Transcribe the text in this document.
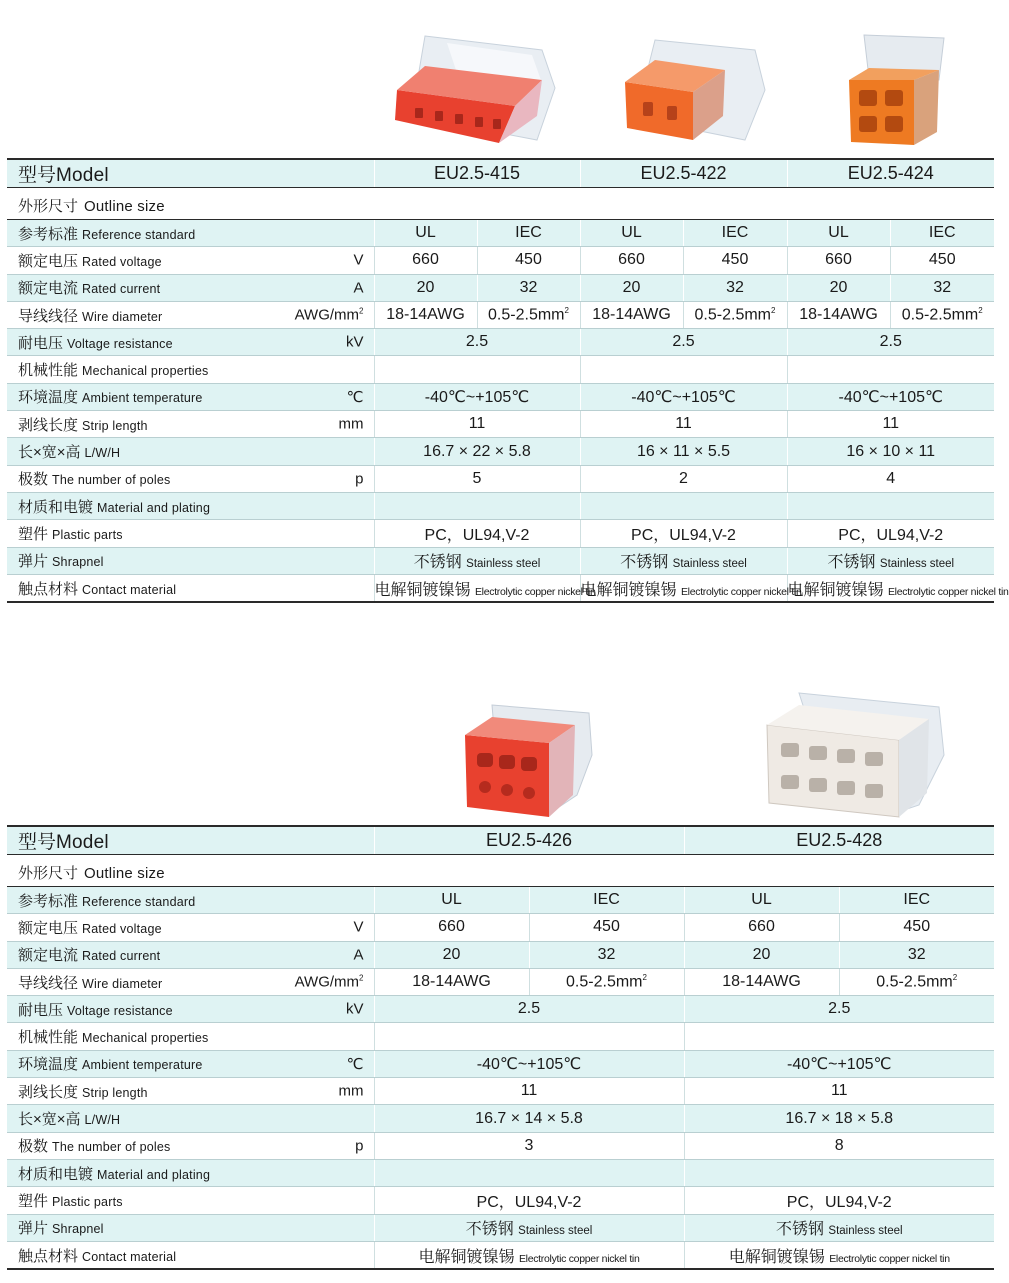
型号Model	EU2.5-415		EU2.5-422		EU2.5-424	
外形尺寸 Outline size						
参考标准 Reference standard	UL	IEC	UL	IEC	UL	IEC
额定电压 Rated voltage V	660	450	660	450	660	450
额定电流 Rated current A	20	32	20	32	20	32
导线线径 Wire diameter AWG/$mm^2$	18-14AWG	$0.5-2.5mm^2$	18-14AWG	$0.5-2.5mm^2$	18-14AWG	$0.5-2.5mm^2$
耐电压 Voltage resistance kV	2.5		2.5		2.5	
机械性能 Mechanical properties						
环境温度 Ambient temperature ℃	-40℃~+105℃		-40℃~+105℃		-40℃~+105℃	
剥线长度 Strip length mm	11		11		11	
长×宽×高 L/W/H	16.7 × 22 × 5.8		16 × 11 × 5.5		16 × 10 × 11	
极数 The number of poles p	5		2		4	
材质和电镀 Material and plating						
塑件 Plastic parts	PC，UL94,V-2		PC，UL94,V-2		PC，UL94,V-2	
弹片 Shrapnel	不锈钢 Stainless steel		不锈钢 Stainless steel		不锈钢 Stainless steel	
触点材料 Contact material	电解铜镀镍锡 Electrolytic copper nickel tin		电解铜镀镍锡 Electrolytic copper nickel tin		电解铜镀镍锡 Electrolytic copper nickel tin	
型号Model	EU2.5-426		EU2.5-428	
外形尺寸 Outline size				
参考标准 Reference standard	UL	IEC	UL	IEC
额定电压 Rated voltage V	660	450	660	450
额定电流 Rated current A	20	32	20	32
导线线径 Wire diameter AWG/$mm^2$	18-14AWG	$0.5-2.5mm^2$	18-14AWG	$0.5-2.5mm^2$
耐电压 Voltage resistance kV	2.5		2.5	
机械性能 Mechanical properties				
环境温度 Ambient temperature ℃	-40℃~+105℃		-40℃~+105℃	
剥线长度 Strip length mm	11		11	
长×宽×高 L/W/H	16.7 × 14 × 5.8		16.7 × 18 × 5.8	
极数 The number of poles p	3		8	
材质和电镀 Material and plating				
塑件 Plastic parts	PC，UL94,V-2		PC，UL94,V-2	
弹片 Shrapnel	不锈钢 Stainless steel		不锈钢 Stainless steel	
触点材料 Contact material	电解铜镀镍锡 Electrolytic copper nickel tin		电解铜镀镍锡 Electrolytic copper nickel tin	
